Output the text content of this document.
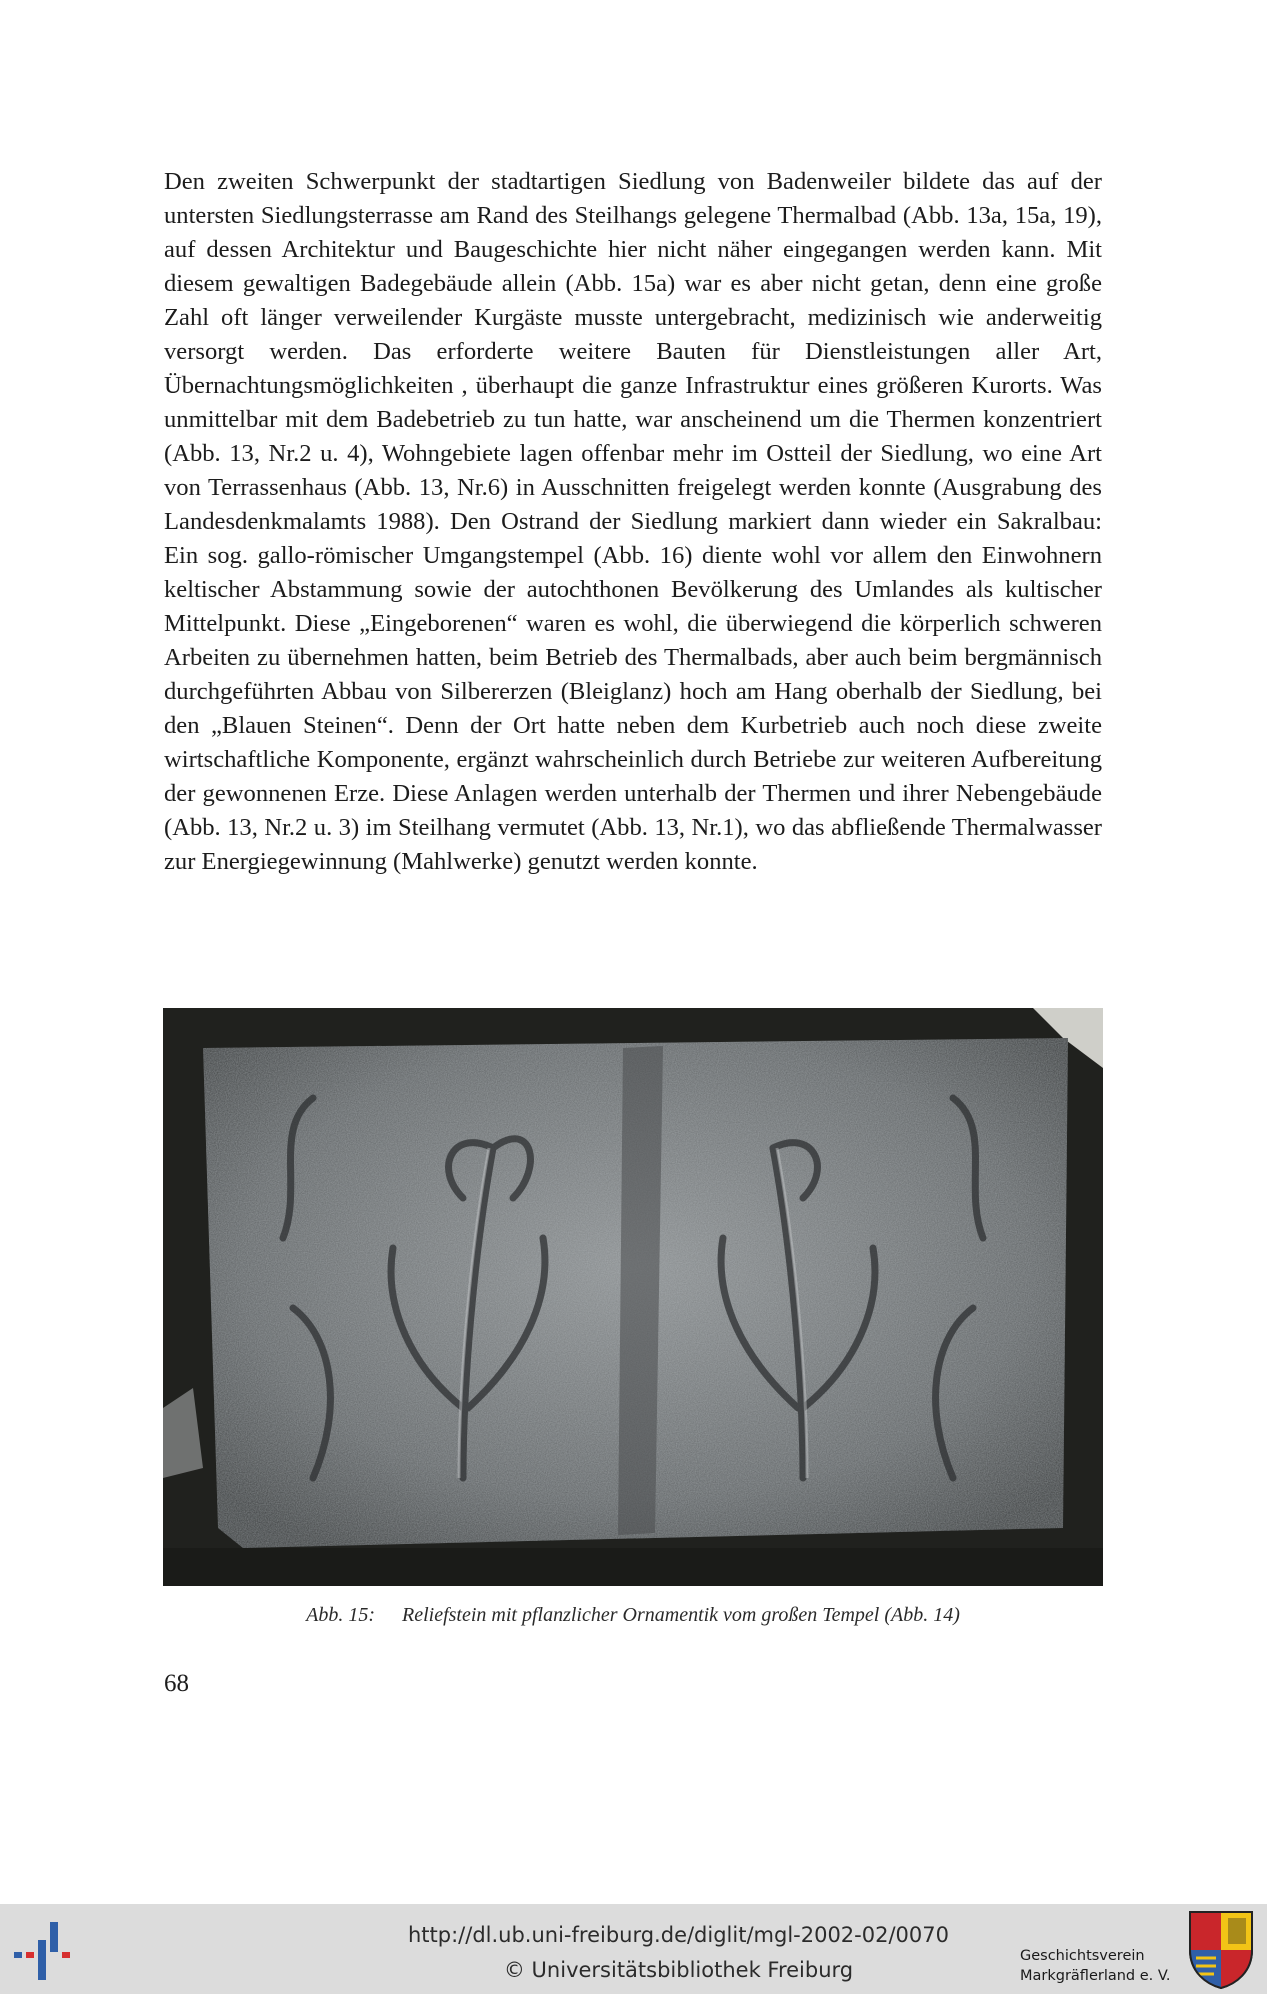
Den zweiten Schwerpunkt der stadtartigen Siedlung von Badenweiler bildete das auf der untersten Siedlungsterrasse am Rand des Steilhangs gelegene Thermalbad (Abb. 13a, 15a, 19), auf dessen Architektur und Baugeschichte hier nicht näher eingegangen werden kann. Mit diesem gewaltigen Badegebäude allein (Abb. 15a) war es aber nicht getan, denn eine große Zahl oft länger verweilender Kurgäste musste untergebracht, medizinisch wie anderweitig versorgt werden. Das erforderte weitere Bauten für Dienstleistungen aller Art, Übernachtungsmöglichkeiten , überhaupt die ganze Infrastruktur eines größeren Kurorts. Was unmittelbar mit dem Badebetrieb zu tun hatte, war anscheinend um die Thermen konzentriert (Abb. 13, Nr.2 u. 4), Wohngebiete lagen offenbar mehr im Ostteil der Siedlung, wo eine Art von Terrassenhaus (Abb. 13, Nr.6) in Ausschnitten freigelegt werden konnte (Ausgrabung des Landesdenkmalamts 1988). Den Ostrand der Siedlung markiert dann wieder ein Sakralbau: Ein sog. gallo-römischer Umgangstempel (Abb. 16) diente wohl vor allem den Einwohnern keltischer Abstammung sowie der autochthonen Bevölkerung des Umlandes als kultischer Mittelpunkt. Diese „Eingeborenen“ waren es wohl, die überwiegend die körperlich schweren Arbeiten zu übernehmen hatten, beim Betrieb des Thermalbads, aber auch beim bergmännisch durchgeführten Abbau von Silbererzen (Bleiglanz) hoch am Hang oberhalb der Siedlung, bei den „Blauen Steinen“. Denn der Ort hatte neben dem Kurbetrieb auch noch diese zweite wirtschaftliche Komponente, ergänzt wahrscheinlich durch Betriebe zur weiteren Aufbereitung der gewonnenen Erze. Diese Anlagen werden unterhalb der Thermen und ihrer Nebengebäude (Abb. 13, Nr.2 u. 3) im Steilhang vermutet (Abb. 13, Nr.1), wo das abfließende Thermalwasser zur Energiegewinnung (Mahlwerke) genutzt werden konnte.
Abb. 15: Reliefstein mit pflanzlicher Ornamentik vom großen Tempel (Abb. 14)
68
http://dl.ub.uni-freiburg.de/diglit/mgl-2002-02/0070
© Universitätsbibliothek Freiburg
Geschichtsverein
Markgräflerland e. V.
